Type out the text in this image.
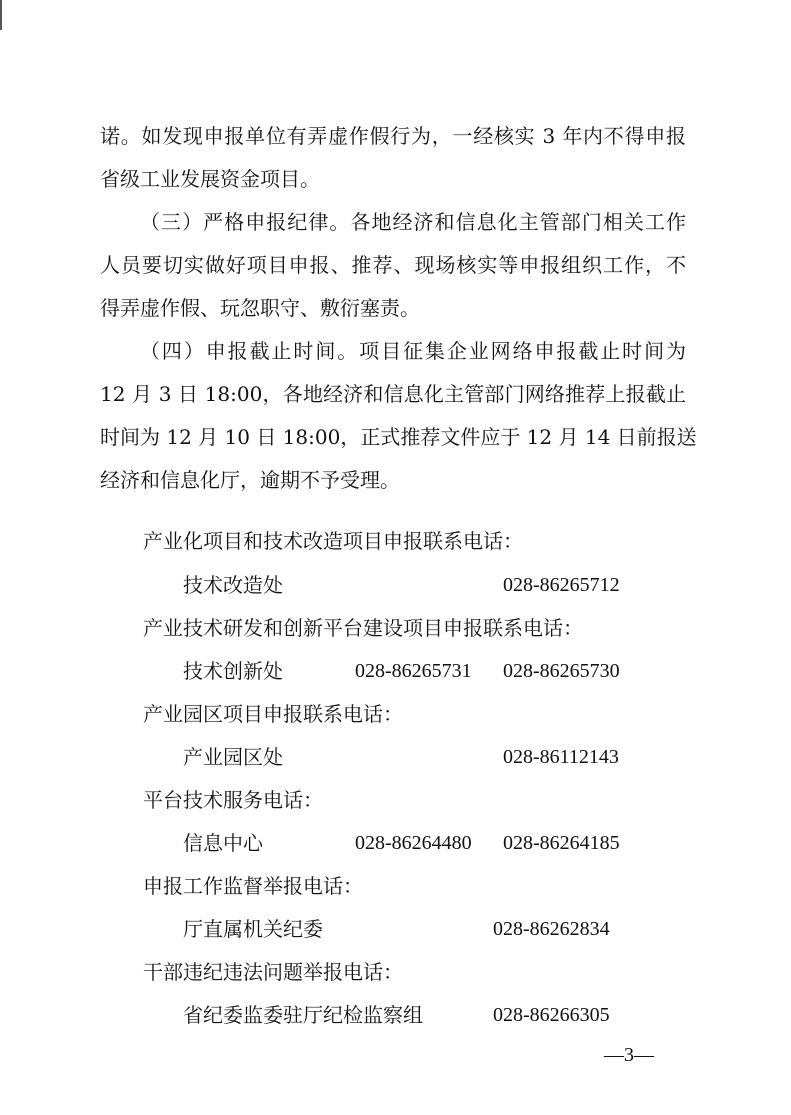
诺。如发现申报单位有弄虚作假行为，一经核实 3 年内不得申报
省级工业发展资金项目。
（三）严格申报纪律。各地经济和信息化主管部门相关工作
人员要切实做好项目申报、推荐、现场核实等申报组织工作，不
得弄虚作假、玩忽职守、敷衍塞责。
（四）申报截止时间。项目征集企业网络申报截止时间为
12 月 3 日 18:00，各地经济和信息化主管部门网络推荐上报截止
时间为 12 月 10 日 18:00，正式推荐文件应于 12 月 14 日前报送
经济和信息化厅，逾期不予受理。
产业化项目和技术改造项目申报联系电话：
技术改造处	028-86265712
产业技术研发和创新平台建设项目申报联系电话：
技术创新处	028-86265731 028-86265730
产业园区项目申报联系电话：
产业园区处	028-86112143
平台技术服务电话：
信息中心	028-86264480 028-86264185
申报工作监督举报电话：
厅直属机关纪委	028-86262834
干部违纪违法问题举报电话：
省纪委监委驻厅纪检监察组	028-86266305
—3—
